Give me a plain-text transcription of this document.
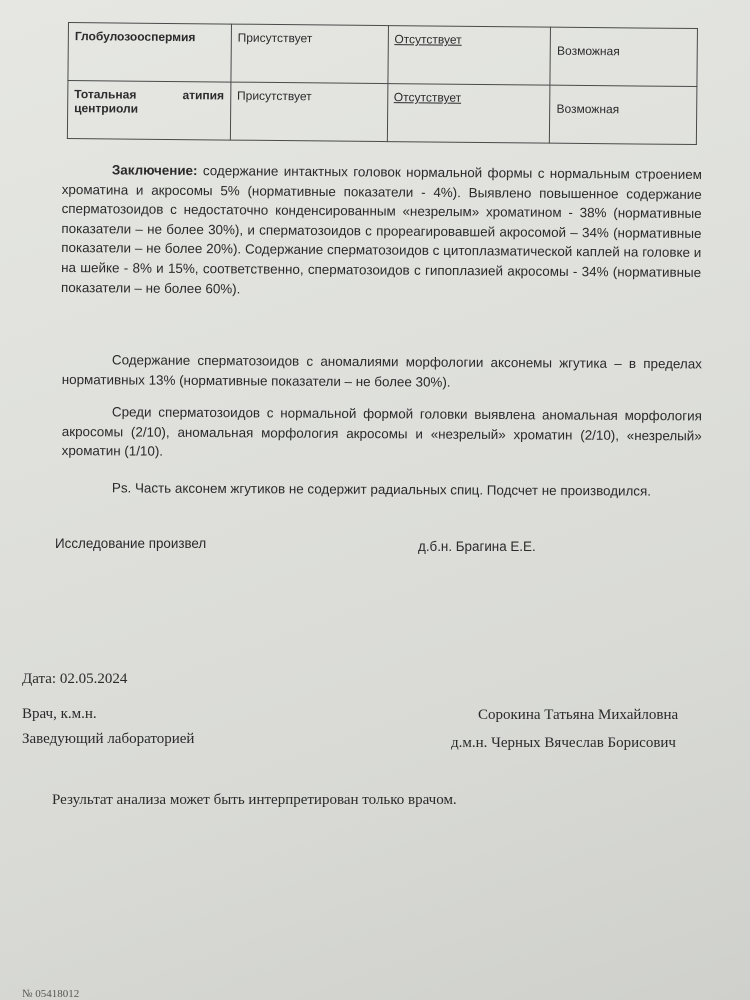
Глобулозооспермия	Присутствует	Отсутствует	Возможная

Тотальная атипия
центриоли	Присутствует	Отсутствует	Возможная

Заключение: содержание интактных головок нормальной формы с нормальным строением хроматина и акросомы 5% (нормативные показатели - 4%). Выявлено повышенное содержание сперматозоидов с недостаточно конденсированным «незрелым» хроматином - 38% (нормативные показатели – не более 30%), и сперматозоидов с прореагировавшей акросомой – 34% (нормативные показатели – не более 20%). Содержание сперматозоидов с цитоплазматической каплей на головке и на шейке - 8% и 15%, соответственно, сперматозоидов с гипоплазией акросомы - 34% (нормативные показатели – не более 60%).

Содержание сперматозоидов с аномалиями морфологии аксонемы жгутика – в пределах нормативных 13% (нормативные показатели – не более 30%).

Среди сперматозоидов с нормальной формой головки выявлена аномальная морфология акросомы (2/10), аномальная морфология акросомы и «незрелый» хроматин (2/10), «незрелый» хроматин (1/10).

Ps. Часть аксонем жгутиков не содержит радиальных спиц. Подсчет не производился.

Исследование произвел	д.б.н. Брагина Е.Е.
Дата: 02.05.2024
Врач, к.м.н.	Сорокина Татьяна Михайловна
Заведующий лабораторией	д.м.н. Черных Вячеслав Борисович
Результат анализа может быть интерпретирован только врачом.
№ 05418012
